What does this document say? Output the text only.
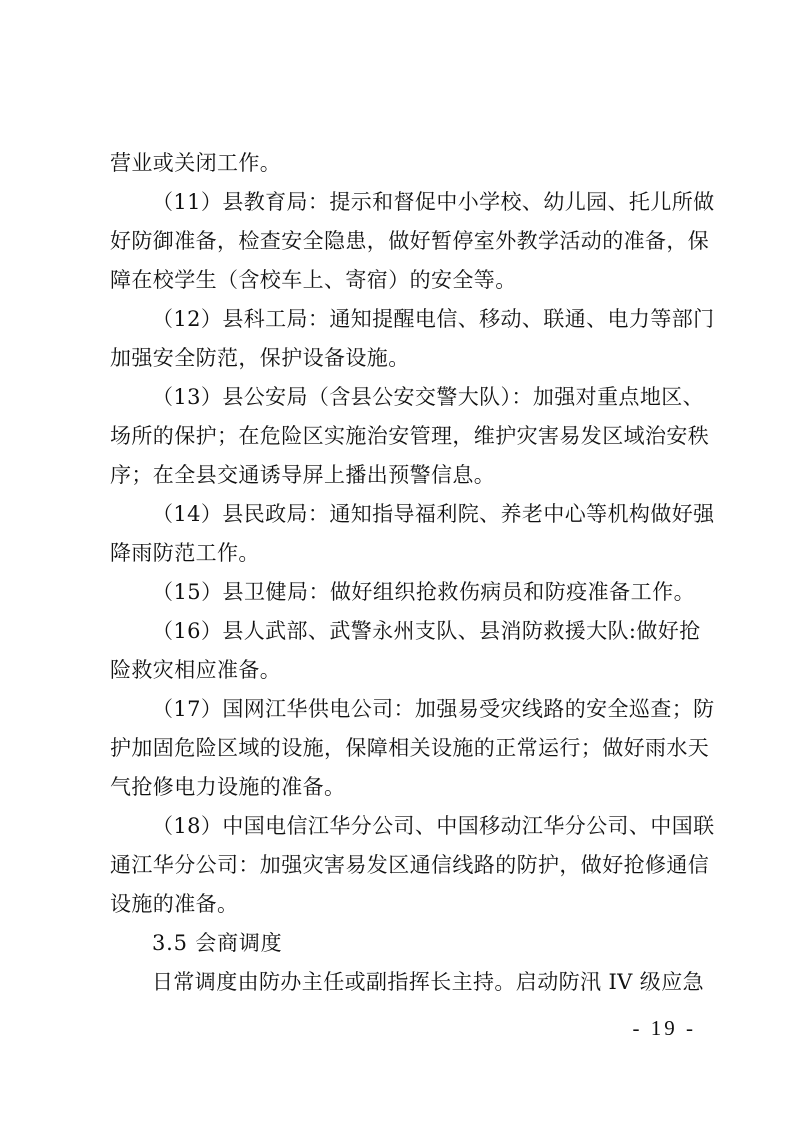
营业或关闭工作。
（11）县教育局：提示和督促中小学校、幼儿园、托儿所做
好防御准备，检查安全隐患，做好暂停室外教学活动的准备，保
障在校学生（含校车上、寄宿）的安全等。
（12）县科工局：通知提醒电信、移动、联通、电力等部门
加强安全防范，保护设备设施。
（13）县公安局（含县公安交警大队）：加强对重点地区、
场所的保护；在危险区实施治安管理，维护灾害易发区域治安秩
序；在全县交通诱导屏上播出预警信息。
（14）县民政局：通知指导福利院、养老中心等机构做好强
降雨防范工作。
（15）县卫健局：做好组织抢救伤病员和防疫准备工作。
（16）县人武部、武警永州支队、县消防救援大队:做好抢
险救灾相应准备。
（17）国网江华供电公司：加强易受灾线路的安全巡查；防
护加固危险区域的设施，保障相关设施的正常运行；做好雨水天
气抢修电力设施的准备。
（18）中国电信江华分公司、中国移动江华分公司、中国联
通江华分公司：加强灾害易发区通信线路的防护，做好抢修通信
设施的准备。
3.5 会商调度
日常调度由防办主任或副指挥长主持。启动防汛 IV 级应急
- 19 -
